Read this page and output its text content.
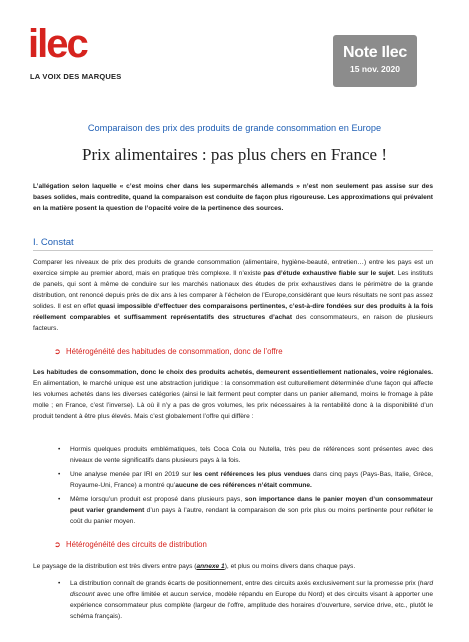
ilec
LA VOIX DES MARQUES
Note Ilec
15 nov. 2020
Comparaison des prix des produits de grande consommation en Europe
Prix alimentaires : pas plus chers en France !
L’allégation selon laquelle « c’est moins cher dans les supermarchés allemands » n’est non seulement pas assise sur des bases solides, mais contredite, quand la comparaison est conduite de façon plus rigoureuse. Les approximations qui prévalent en la matière posent la question de l’opacité voire de la pertinence des sources.
I. Constat
Comparer les niveaux de prix des produits de grande consommation (alimentaire, hygiène-beauté, entretien…) entre les pays est un exercice simple au premier abord, mais en pratique très complexe. Il n’existe pas d’étude exhaustive fiable sur le sujet. Les instituts de panels, qui sont à même de conduire sur les marchés nationaux des études de prix exhaustives dans le périmètre de la grande distribution, ont renoncé depuis près de dix ans à les comparer à l’échelon de l’Europe,considérant que leurs résultats ne sont pas assez solides. Il est en effet quasi impossible d’effectuer des comparaisons pertinentes, c’est-à-dire fondées sur des produits à la fois réellement comparables et suffisamment représentatifs des structures d’achat des consommateurs, en raison de plusieurs facteurs.
➲ Hétérogénéité des habitudes de consommation, donc de l’offre
Les habitudes de consommation, donc le choix des produits achetés, demeurent essentiellement nationales, voire régionales. En alimentation, le marché unique est une abstraction juridique : la consommation est culturellement déterminée d’une façon qui affecte les volumes achetés dans les diverses catégories (ainsi le lait ferment peut compter dans un panier allemand, moins le fromage à pâte molle ; en France, c’est l’inverse). Là où il n’y a pas de gros volumes, les prix nécessaires à la rentabilité donc à la disponibilité d’un produit tendent à être plus élevés. Mais c’est globalement l’offre qui diffère :
• Hormis quelques produits emblématiques, tels Coca Cola ou Nutella, très peu de références sont présentes avec des niveaux de vente significatifs dans plusieurs pays à la fois.
• Une analyse menée par IRI en 2019 sur les cent références les plus vendues dans cinq pays (Pays-Bas, Italie, Grèce, Royaume-Uni, France) a montré qu’aucune de ces références n’était commune.
• Même lorsqu’un produit est proposé dans plusieurs pays, son importance dans le panier moyen d’un consommateur peut varier grandement d’un pays à l’autre, rendant la comparaison de son prix plus ou moins pertinente pour refléter le coût du panier moyen.
➲ Hétérogénéité des circuits de distribution
Le paysage de la distribution est très divers entre pays (annexe 1), et plus ou moins divers dans chaque pays.
• La distribution connaît de grands écarts de positionnement, entre des circuits axés exclusivement sur la promesse prix (hard discount avec une offre limitée et aucun service, modèle répandu en Europe du Nord) et des circuits visant à apporter une expérience consommateur plus complète (largeur de l’offre, amplitude des horaires d’ouverture, service drive, etc., plutôt le schéma français).
